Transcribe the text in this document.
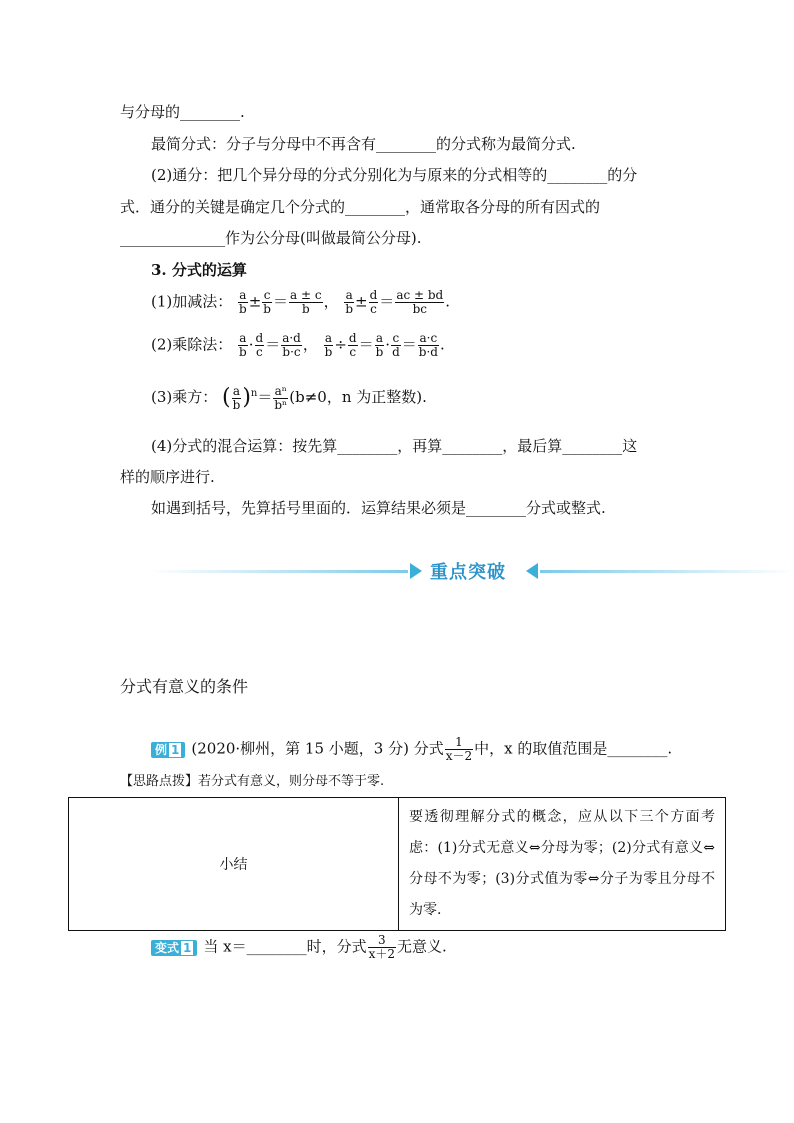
与分母的________.
最简分式：分子与分母中不再含有________的分式称为最简分式.
(2)通分：把几个异分母的分式分别化为与原来的分式相等的________的分
式．通分的关键是确定几个分式的________，通常取各分母的所有因式的
______________作为公分母(叫做最简公分母).
3. 分式的运算
(1)加减法： $\frac{a}{b} \pm \frac{c}{b} = \frac{a \pm c}{b}$ ， $\frac{a}{b} \pm \frac{d}{c} = \frac{ac \pm bd}{bc}$ .
(2)乘除法： $\frac{a}{b} \cdot \frac{d}{c} = \frac{a\cdot d}{b\cdot c}$ ， $\frac{a}{b} \div \frac{d}{c} = \frac{a}{b} \cdot \frac{c}{d} = \frac{a\cdot c}{b\cdot d}$ .
(3)乘方： ( $\frac{a}{b} )^n= \frac{\text{aⁿ}}{\text{bⁿ}} (b\ne 0$，n 为正整数).
(4)分式的混合运算：按先算________，再算________，最后算________这
样的顺序进行.
如遇到括号，先算括号里面的．运算结果必须是________分式或整式.
重点突破
分式有意义的条件
例 1 (2020·柳州，第 15 小题，3 分) 分式 $\frac{1}{x-2}$ 中，x 的取值范围是________.
【思路点拨】若分式有意义，则分母不等于零.
小结	要透彻理解分式的概念，应从以下三个方面考虑：(1)分式无意义⇔分母为零；(2)分式有意义⇔分母不为零；(3)分式值为零⇔分子为零且分母不为零.
变式 1 当 x＝________时，分式 $\frac{3}{x+2}$ 无意义.
